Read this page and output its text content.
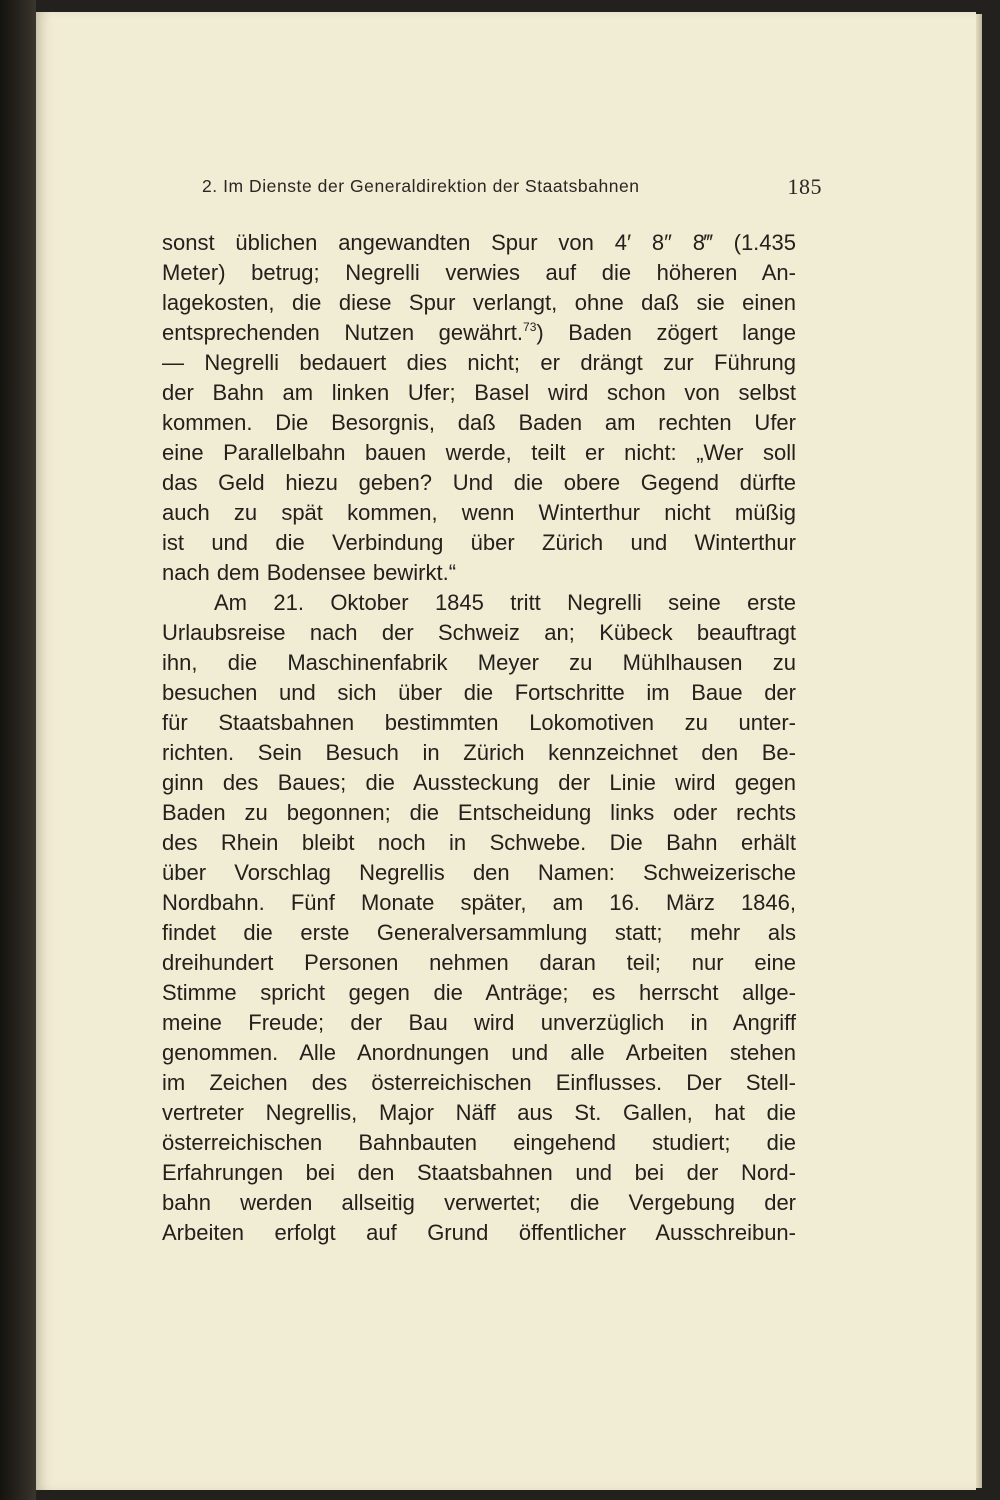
2. Im Dienste der Generaldirektion der Staatsbahnen	185
sonst üblichen angewandten Spur von 4′ 8″ 8‴ (1.435
Meter) betrug; Negrelli verwies auf die höheren An-
lagekosten, die diese Spur verlangt, ohne daß sie einen
entsprechenden Nutzen gewährt.$^{73}$) Baden zögert lange
— Negrelli bedauert dies nicht; er drängt zur Führung
der Bahn am linken Ufer; Basel wird schon von selbst
kommen. Die Besorgnis, daß Baden am rechten Ufer
eine Parallelbahn bauen werde, teilt er nicht: „Wer soll
das Geld hiezu geben? Und die obere Gegend dürfte
auch zu spät kommen, wenn Winterthur nicht müßig
ist und die Verbindung über Zürich und Winterthur
nach dem Bodensee bewirkt.“
Am 21. Oktober 1845 tritt Negrelli seine erste
Urlaubsreise nach der Schweiz an; Kübeck beauftragt
ihn, die Maschinenfabrik Meyer zu Mühlhausen zu
besuchen und sich über die Fortschritte im Baue der
für Staatsbahnen bestimmten Lokomotiven zu unter-
richten. Sein Besuch in Zürich kennzeichnet den Be-
ginn des Baues; die Aussteckung der Linie wird gegen
Baden zu begonnen; die Entscheidung links oder rechts
des Rhein bleibt noch in Schwebe. Die Bahn erhält
über Vorschlag Negrellis den Namen: Schweizerische
Nordbahn. Fünf Monate später, am 16. März 1846,
findet die erste Generalversammlung statt; mehr als
dreihundert Personen nehmen daran teil; nur eine
Stimme spricht gegen die Anträge; es herrscht allge-
meine Freude; der Bau wird unverzüglich in Angriff
genommen. Alle Anordnungen und alle Arbeiten stehen
im Zeichen des österreichischen Einflusses. Der Stell-
vertreter Negrellis, Major Näff aus St. Gallen, hat die
österreichischen Bahnbauten eingehend studiert; die
Erfahrungen bei den Staatsbahnen und bei der Nord-
bahn werden allseitig verwertet; die Vergebung der
Arbeiten erfolgt auf Grund öffentlicher Ausschreibun-
